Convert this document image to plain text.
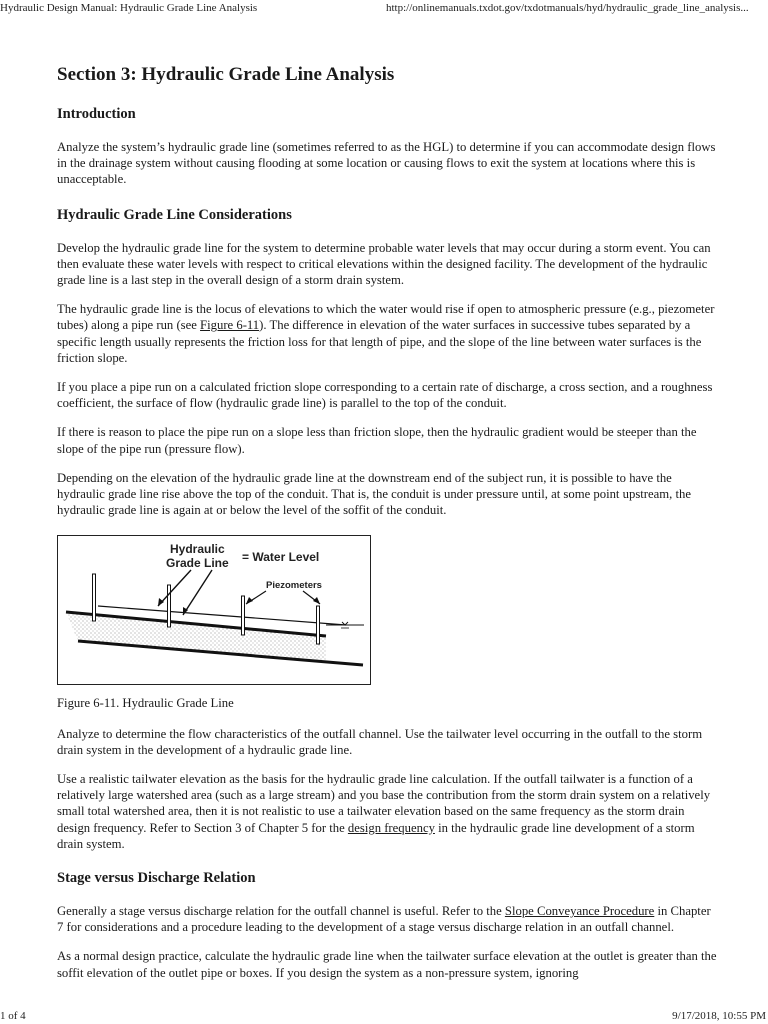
Hydraulic Design Manual: Hydraulic Grade Line Analysis	http://onlinemanuals.txdot.gov/txdotmanuals/hyd/hydraulic_grade_line_analysis...
Section 3: Hydraulic Grade Line Analysis
Introduction

Analyze the system’s hydraulic grade line (sometimes referred to as the HGL) to determine if you can accommodate design flows in the drainage system without causing flooding at some location or causing flows to exit the system at locations where this is unacceptable.

Hydraulic Grade Line Considerations

Develop the hydraulic grade line for the system to determine probable water levels that may occur during a storm event. You can then evaluate these water levels with respect to critical elevations within the designed facility. The development of the hydraulic grade line is a last step in the overall design of a storm drain system.

The hydraulic grade line is the locus of elevations to which the water would rise if open to atmospheric pressure (e.g., piezometer tubes) along a pipe run (see Figure 6-11). The difference in elevation of the water surfaces in successive tubes separated by a specific length usually represents the friction loss for that length of pipe, and the slope of the line between water surfaces is the friction slope.

If you place a pipe run on a calculated friction slope corresponding to a certain rate of discharge, a cross section, and a roughness coefficient, the surface of flow (hydraulic grade line) is parallel to the top of the conduit.

If there is reason to place the pipe run on a slope less than friction slope, then the hydraulic gradient would be steeper than the slope of the pipe run (pressure flow).

Depending on the elevation of the hydraulic grade line at the downstream end of the subject run, it is possible to have the hydraulic grade line rise above the top of the conduit. That is, the conduit is under pressure until, at some point upstream, the hydraulic grade line is again at or below the level of the soffit of the conduit.

Hydraulic
Grade Line = Water Level
Piezometers

Figure 6-11. Hydraulic Grade Line

Analyze to determine the flow characteristics of the outfall channel. Use the tailwater level occurring in the outfall to the storm drain system in the development of a hydraulic grade line.

Use a realistic tailwater elevation as the basis for the hydraulic grade line calculation. If the outfall tailwater is a function of a relatively large watershed area (such as a large stream) and you base the contribution from the storm drain system on a relatively small total watershed area, then it is not realistic to use a tailwater elevation based on the same frequency as the storm drain design frequency. Refer to Section 3 of Chapter 5 for the design frequency in the hydraulic grade line development of a storm drain system.

Stage versus Discharge Relation

Generally a stage versus discharge relation for the outfall channel is useful. Refer to the Slope Conveyance Procedure in Chapter 7 for considerations and a procedure leading to the development of a stage versus discharge relation in an outfall channel.

As a normal design practice, calculate the hydraulic grade line when the tailwater surface elevation at the outlet is greater than the soffit elevation of the outlet pipe or boxes. If you design the system as a non-pressure system, ignoring

1 of 4	9/17/2018, 10:55 PM
